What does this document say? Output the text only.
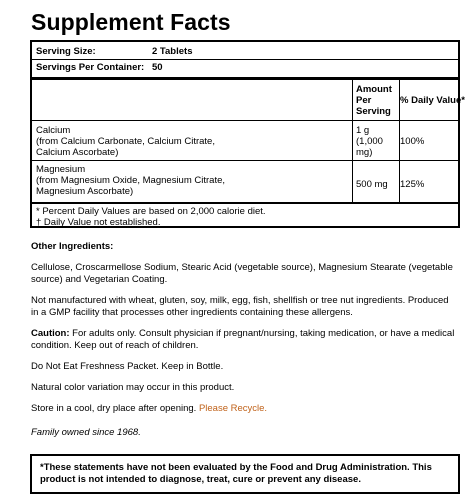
Supplement Facts
Serving Size:	2 Tablets
Servings Per Container: 50
Amount
Per
Serving
% Daily Value*
Calcium
(from Calcium Carbonate, Calcium Citrate,
Calcium Ascorbate)
1 g
(1,000
mg)
100%
Magnesium
(from Magnesium Oxide, Magnesium Citrate,
Magnesium Ascorbate)
500 mg 125%
* Percent Daily Values are based on 2,000 calorie diet.
† Daily Value not established.
Other Ingredients:
Cellulose, Croscarmellose Sodium, Stearic Acid (vegetable source), Magnesium Stearate (vegetable
source) and Vegetarian Coating.
Not manufactured with wheat, gluten, soy, milk, egg, fish, shellfish or tree nut ingredients. Produced
in a GMP facility that processes other ingredients containing these allergens.
Caution: For adults only. Consult physician if pregnant/nursing, taking medication, or have a medical
condition. Keep out of reach of children.
Do Not Eat Freshness Packet. Keep in Bottle.
Natural color variation may occur in this product.
Store in a cool, dry place after opening. Please Recycle.
Family owned since 1968.
*These statements have not been evaluated by the Food and Drug Administration. This
product is not intended to diagnose, treat, cure or prevent any disease.
